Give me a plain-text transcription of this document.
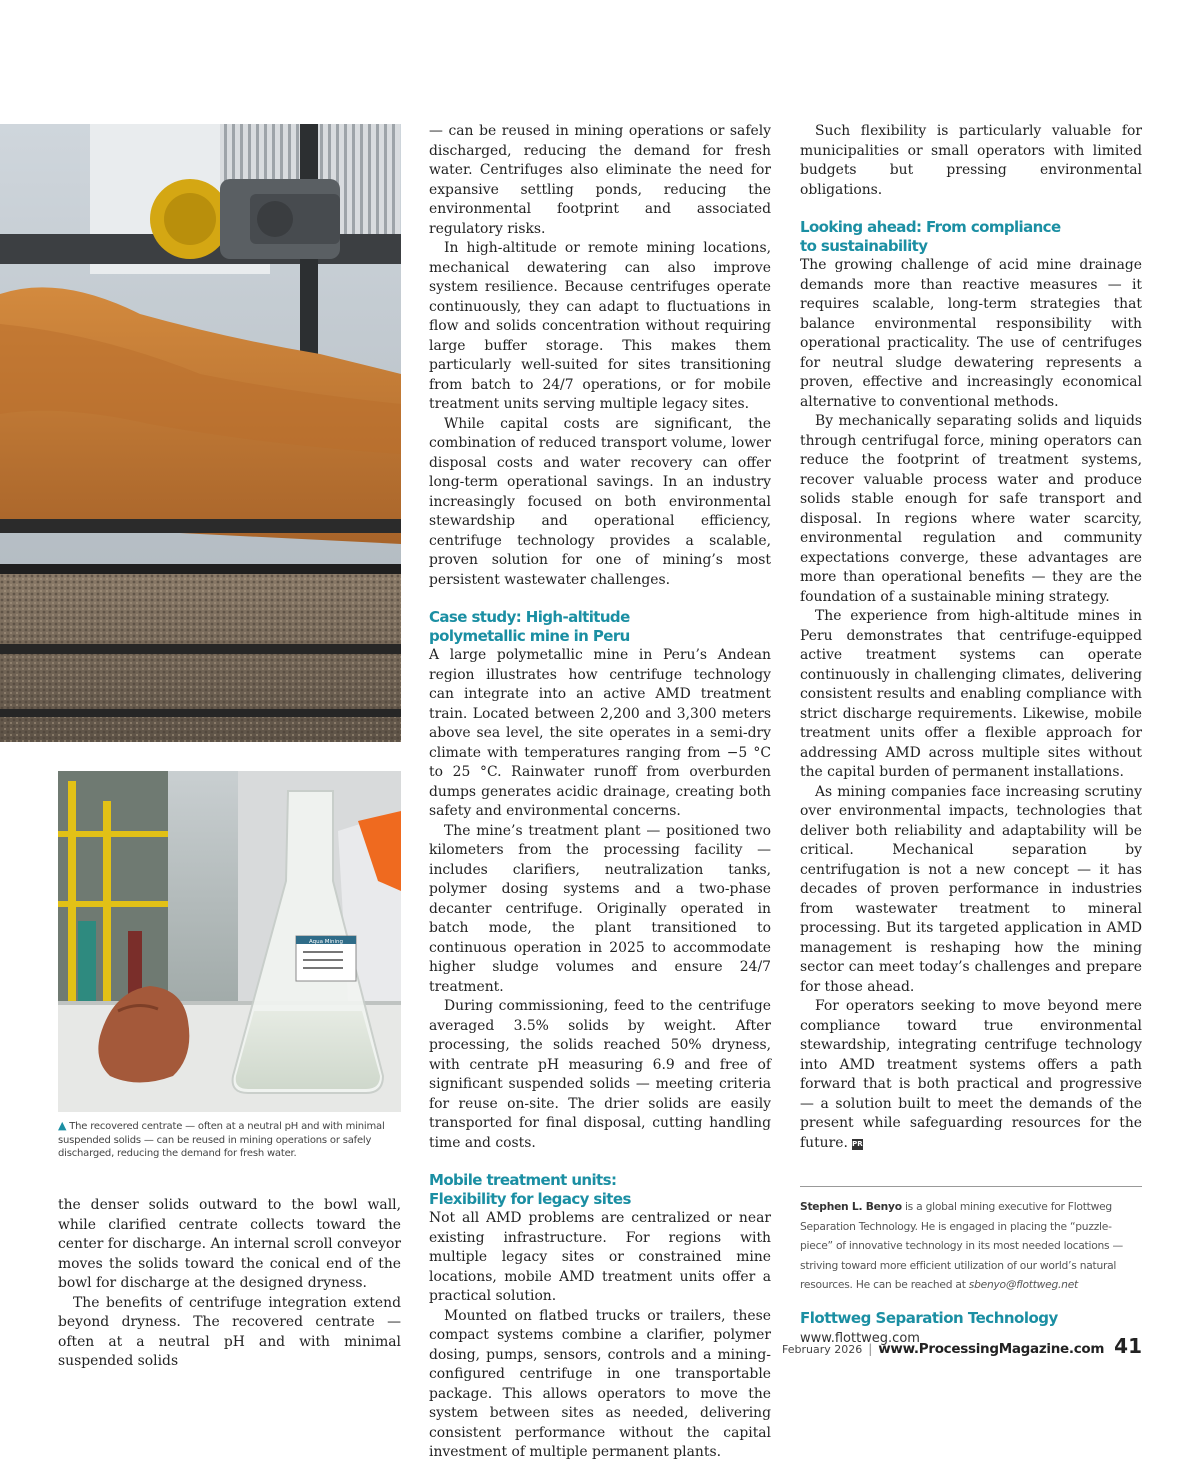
Aqua Mining
▲ The recovered centrate — often at a neutral pH and with minimal suspended solids — can be reused in mining operations or safely discharged, reducing the demand for fresh water.

the denser solids outward to the bowl wall, while clarified centrate collects toward the center for discharge. An internal scroll conveyor moves the solids toward the conical end of the bowl for discharge at the designed dryness.

The benefits of centrifuge integration extend beyond dryness. The recovered centrate — often at a neutral pH and with minimal suspended solids

— can be reused in mining operations or safely discharged, reducing the demand for fresh water. Centrifuges also eliminate the need for expansive settling ponds, reducing the environmental footprint and associated regulatory risks.

In high-altitude or remote mining locations, mechanical dewatering can also improve system resilience. Because centrifuges operate continuously, they can adapt to fluctuations in flow and solids concentration without requiring large buffer storage. This makes them particularly well-suited for sites transitioning from batch to 24/7 operations, or for mobile treatment units serving multiple legacy sites.

While capital costs are significant, the combination of reduced transport volume, lower disposal costs and water recovery can offer long-term operational savings. In an industry increasingly focused on both environmental stewardship and operational efficiency, centrifuge technology provides a scalable, proven solution for one of mining’s most persistent wastewater challenges.

Case study: High-altitude
polymetallic mine in Peru

A large polymetallic mine in Peru’s Andean region illustrates how centrifuge technology can integrate into an active AMD treatment train. Located between 2,200 and 3,300 meters above sea level, the site operates in a semi-dry climate with temperatures ranging from −5 °C to 25 °C. Rainwater runoff from overburden dumps generates acidic drainage, creating both safety and environmental concerns.

The mine’s treatment plant — positioned two kilometers from the processing facility — includes clarifiers, neutralization tanks, polymer dosing systems and a two-phase decanter centrifuge. Originally operated in batch mode, the plant transitioned to continuous operation in 2025 to accommodate higher sludge volumes and ensure 24/7 treatment.

During commissioning, feed to the centrifuge averaged 3.5% solids by weight. After processing, the solids reached 50% dryness, with centrate pH measuring 6.9 and free of significant suspended solids — meeting criteria for reuse on-site. The drier solids are easily transported for final disposal, cutting handling time and costs.

Mobile treatment units:
Flexibility for legacy sites

Not all AMD problems are centralized or near existing infrastructure. For regions with multiple legacy sites or constrained mine locations, mobile AMD treatment units offer a practical solution.

Mounted on flatbed trucks or trailers, these compact systems combine a clarifier, polymer dosing, pumps, sensors, controls and a mining-configured centrifuge in one transportable package. This allows operators to move the system between sites as needed, delivering consistent performance without the capital investment of multiple permanent plants.

Such flexibility is particularly valuable for municipalities or small operators with limited budgets but pressing environmental obligations.

Looking ahead: From compliance
to sustainability

The growing challenge of acid mine drainage demands more than reactive measures — it requires scalable, long-term strategies that balance environmental responsibility with operational practicality. The use of centrifuges for neutral sludge dewatering represents a proven, effective and increasingly economical alternative to conventional methods.

By mechanically separating solids and liquids through centrifugal force, mining operators can reduce the footprint of treatment systems, recover valuable process water and produce solids stable enough for safe transport and disposal. In regions where water scarcity, environmental regulation and community expectations converge, these advantages are more than operational benefits — they are the foundation of a sustainable mining strategy.

The experience from high-altitude mines in Peru demonstrates that centrifuge-equipped active treatment systems can operate continuously in challenging climates, delivering consistent results and enabling compliance with strict discharge requirements. Likewise, mobile treatment units offer a flexible approach for addressing AMD across multiple sites without the capital burden of permanent installations.

As mining companies face increasing scrutiny over environmental impacts, technologies that deliver both reliability and adaptability will be critical. Mechanical separation by centrifugation is not a new concept — it has decades of proven performance in industries from wastewater treatment to mineral processing. But its targeted application in AMD management is reshaping how the mining sector can meet today’s challenges and prepare for those ahead.

For operators seeking to move beyond mere compliance toward true environmental stewardship, integrating centrifuge technology into AMD treatment systems offers a path forward that is both practical and progressive — a solution built to meet the demands of the present while safeguarding resources for the future. PR

Stephen L. Benyo is a global mining executive for Flottweg Separation Technology. He is engaged in placing the “puzzle-piece” of innovative technology in its most needed locations — striving toward more efficient utilization of our world’s natural resources. He can be reached at sbenyo@flottweg.net
Flottweg Separation Technology
www.flottweg.com
February 2026 | www.ProcessingMagazine.com 41
